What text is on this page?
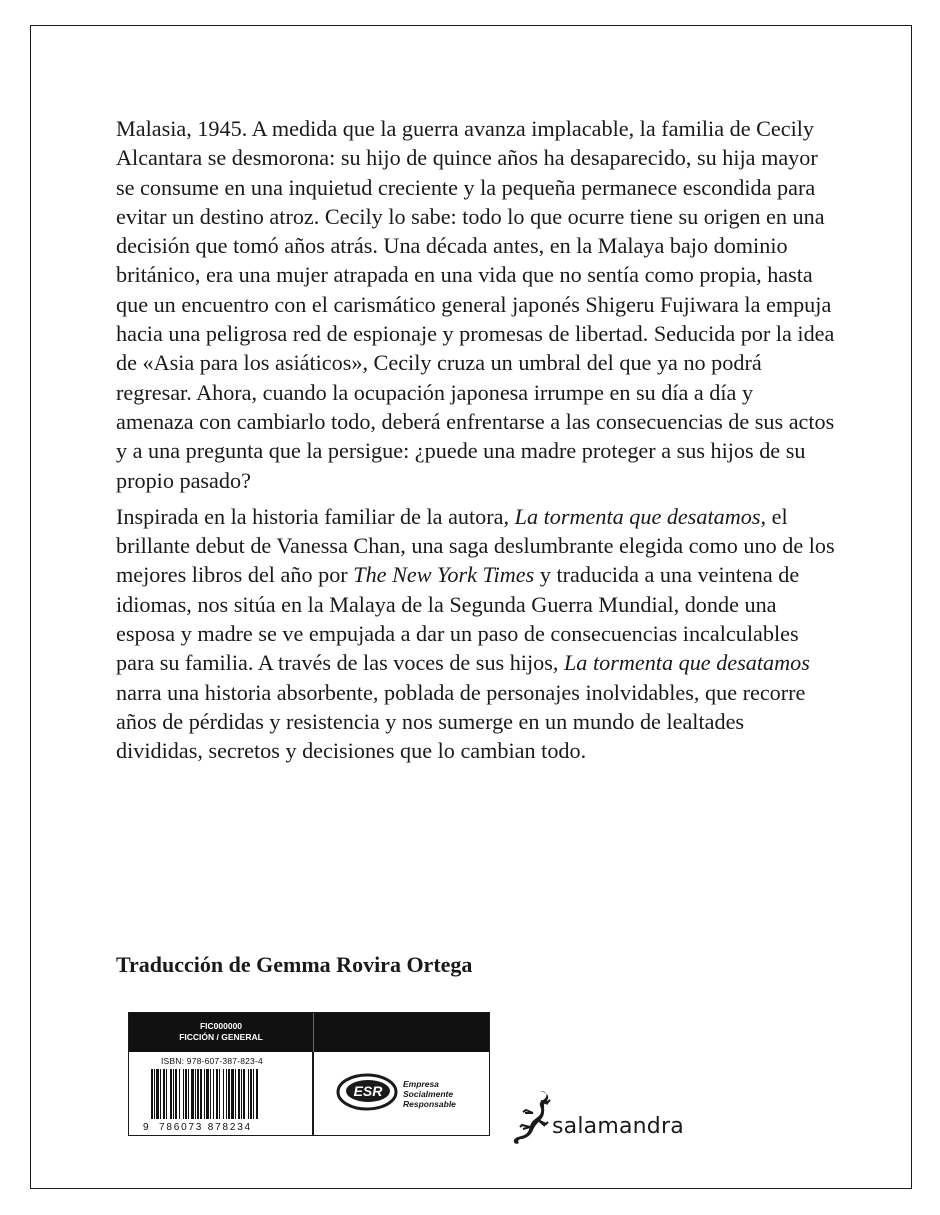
Malasia, 1945. A medida que la guerra avanza implacable, la familia de Cecily Alcantara se desmorona: su hijo de quince años ha desaparecido, su hija mayor se consume en una inquietud creciente y la pequeña permanece escondida para evitar un destino atroz. Cecily lo sabe: todo lo que ocurre tiene su origen en una decisión que tomó años atrás. Una década antes, en la Malaya bajo dominio británico, era una mujer atrapada en una vida que no sentía como propia, hasta que un encuentro con el carismático general japonés Shigeru Fujiwara la empuja hacia una peligrosa red de espionaje y promesas de libertad. Seducida por la idea de «Asia para los asiáticos», Cecily cruza un umbral del que ya no podrá regresar. Ahora, cuando la ocupación japonesa irrumpe en su día a día y amenaza con cambiarlo todo, deberá enfrentarse a las consecuencias de sus actos y a una pregunta que la persigue: ¿puede una madre proteger a sus hijos de su propio pasado?

Inspirada en la historia familiar de la autora, La tormenta que desatamos, el brillante debut de Vanessa Chan, una saga deslumbrante elegida como uno de los mejores libros del año por The New York Times y traducida a una veintena de idiomas, nos sitúa en la Malaya de la Segunda Guerra Mundial, donde una esposa y madre se ve empujada a dar un paso de consecuencias incalculables para su familia. A través de las voces de sus hijos, La tormenta que desatamos narra una historia absorbente, poblada de personajes inolvidables, que recorre años de pérdidas y resistencia y nos sumerge en un mundo de lealtades divididas, secretos y decisiones que lo cambian todo.

Traducción de Gemma Rovira Ortega
FIC000000
FICCIÓN / GENERAL
ISBN: 978-607-387-823-4
9 786073 878234
ESR Empresa
Socialmente
Responsable
salamandra
